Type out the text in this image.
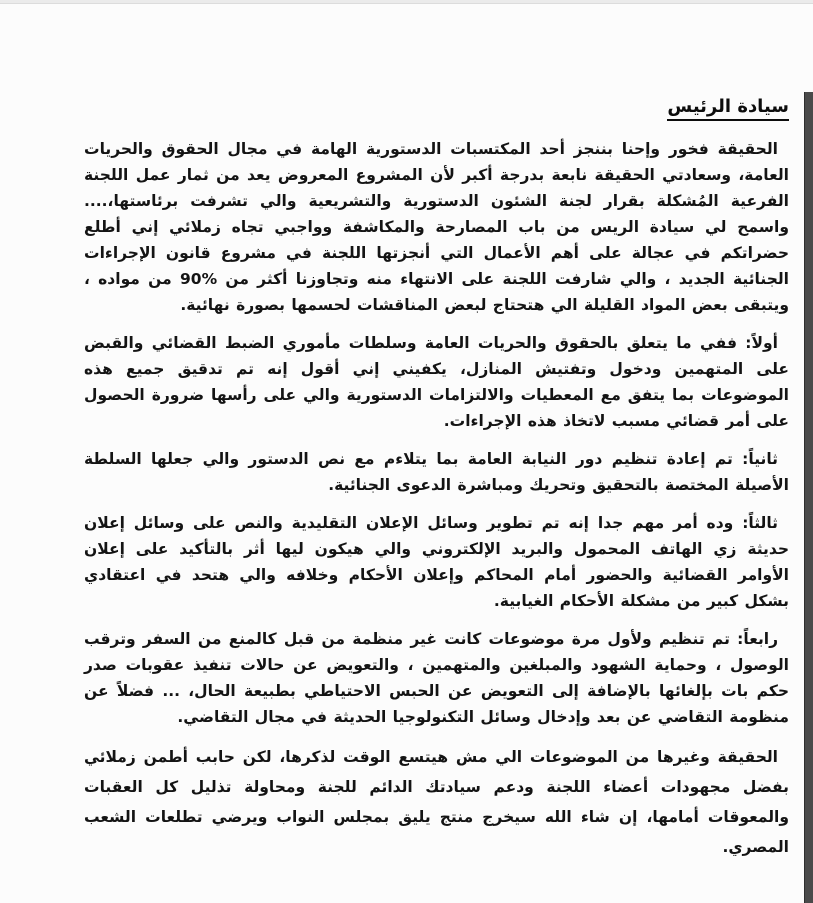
سيادة الرئيس

الحقيقة فخور وإحنا بننجز أحد المكتسبات الدستورية الهامة في مجال الحقوق والحريات العامة، وسعادتي الحقيقة نابعة بدرجة أكبر لأن المشروع المعروض يعد من ثمار عمل اللجنة الفرعية المُشكلة بقرار لجنة الشئون الدستورية والتشريعية والي تشرفت برئاستها،.... واسمح لي سيادة الريس من باب المصارحة والمكاشفة وواجبي تجاه زملائي إني أطلع حضراتكم في عجالة على أهم الأعمال التي أنجزتها اللجنة في مشروع قانون الإجراءات الجنائية الجديد ، والي شارفت اللجنة على الانتهاء منه وتجاوزنا أكثر من %90 من مواده ، ويتبقى بعض المواد القليلة الي هتحتاج لبعض المناقشات لحسمها بصورة نهائية.

أولاً: ففي ما يتعلق بالحقوق والحريات العامة وسلطات مأموري الضبط القضائي والقبض على المتهمين ودخول وتفتيش المنازل، يكفيني إني أقول إنه تم تدقيق جميع هذه الموضوعات بما يتفق مع المعطيات والالتزامات الدستورية والي على رأسها ضرورة الحصول على أمر قضائي مسبب لاتخاذ هذه الإجراءات.

ثانياً: تم إعادة تنظيم دور النيابة العامة بما يتلاءم مع نص الدستور والي جعلها السلطة الأصيلة المختصة بالتحقيق وتحريك ومباشرة الدعوى الجنائية.

ثالثاً: وده أمر مهم جدا إنه تم تطوير وسائل الإعلان التقليدية والنص على وسائل إعلان حديثة زي الهاتف المحمول والبريد الإلكتروني والي هيكون ليها أثر بالتأكيد على إعلان الأوامر القضائية والحضور أمام المحاكم وإعلان الأحكام وخلافه والي هتحد في اعتقادي بشكل كبير من مشكلة الأحكام الغيابية.

رابعاً: تم تنظيم ولأول مرة موضوعات كانت غير منظمة من قبل كالمنع من السفر وترقب الوصول ، وحماية الشهود والمبلغين والمتهمين ، والتعويض عن حالات تنفيذ عقوبات صدر حكم بات بإلغائها بالإضافة إلى التعويض عن الحبس الاحتياطي بطبيعة الحال، ... فضلاً عن منظومة التقاضي عن بعد وإدخال وسائل التكنولوجيا الحديثة في مجال التقاضي.

الحقيقة وغيرها من الموضوعات الي مش هيتسع الوقت لذكرها، لكن حابب أطمن زملائي بفضل مجهودات أعضاء اللجنة ودعم سيادتك الدائم للجنة ومحاولة تذليل كل العقبات والمعوقات أمامها، إن شاء الله سيخرج منتج يليق بمجلس النواب ويرضي تطلعات الشعب المصري.
